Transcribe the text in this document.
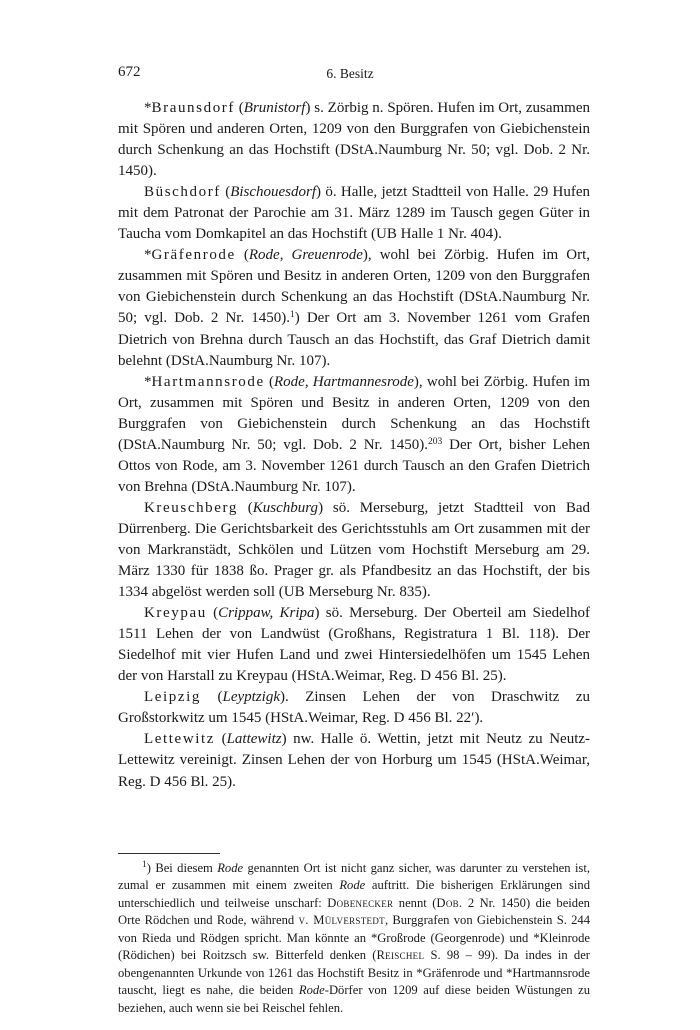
672	6. Besitz

*Braunsdorf (Brunistorf) s. Zörbig n. Spören. Hufen im Ort, zusammen mit Spören und anderen Orten, 1209 von den Burggrafen von Giebichenstein durch Schenkung an das Hochstift (DStA.Naumburg Nr. 50; vgl. Dob. 2 Nr. 1450).

Büschdorf (Bischouesdorf) ö. Halle, jetzt Stadtteil von Halle. 29 Hufen mit dem Patronat der Parochie am 31. März 1289 im Tausch gegen Güter in Taucha vom Domkapitel an das Hochstift (UB Halle 1 Nr. 404).

*Gräfenrode (Rode, Greuenrode), wohl bei Zörbig. Hufen im Ort, zusammen mit Spören und Besitz in anderen Orten, 1209 von den Burggrafen von Giebichenstein durch Schenkung an das Hochstift (DStA.Naumburg Nr. 50; vgl. Dob. 2 Nr. 1450).$^1$) Der Ort am 3. November 1261 vom Grafen Dietrich von Brehna durch Tausch an das Hochstift, das Graf Dietrich damit belehnt (DStA.Naumburg Nr. 107).

*Hartmannsrode (Rode, Hartmannesrode), wohl bei Zörbig. Hufen im Ort, zusammen mit Spören und Besitz in anderen Orten, 1209 von den Burggrafen von Giebichenstein durch Schenkung an das Hochstift (DStA.Naumburg Nr. 50; vgl. Dob. 2 Nr. 1450).$^{203}$ Der Ort, bisher Lehen Ottos von Rode, am 3. November 1261 durch Tausch an den Grafen Dietrich von Brehna (DStA.Naumburg Nr. 107).

Kreuschberg (Kuschburg) sö. Merseburg, jetzt Stadtteil von Bad Dürrenberg. Die Gerichtsbarkeit des Gerichtsstuhls am Ort zusammen mit der von Markranstädt, Schkölen und Lützen vom Hochstift Merseburg am 29. März 1330 für 1838 ßo. Prager gr. als Pfandbesitz an das Hochstift, der bis 1334 abgelöst werden soll (UB Merseburg Nr. 835).

Kreypau (Crippaw, Kripa) sö. Merseburg. Der Oberteil am Siedelhof 1511 Lehen der von Landwüst (Großhans, Registratura 1 Bl. 118). Der Siedelhof mit vier Hufen Land und zwei Hintersiedelhöfen um 1545 Lehen der von Harstall zu Kreypau (HStA.Weimar, Reg. D 456 Bl. 25).

Leipzig (Leyptzigk). Zinsen Lehen der von Draschwitz zu Großstorkwitz um 1545 (HStA.Weimar, Reg. D 456 Bl. 22′).

Lettewitz (Lattewitz) nw. Halle ö. Wettin, jetzt mit Neutz zu Neutz-Lettewitz vereinigt. Zinsen Lehen der von Horburg um 1545 (HStA.Weimar, Reg. D 456 Bl. 25).

$^1$) Bei diesem Rode genannten Ort ist nicht ganz sicher, was darunter zu verstehen ist, zumal er zusammen mit einem zweiten Rode auftritt. Die bisherigen Erklärungen sind unterschiedlich und teilweise unscharf: Dobenecker nennt (Dob. 2 Nr. 1450) die beiden Orte Rödchen und Rode, während v. Mülverstedt, Burggrafen von Giebichenstein S. 244 von Rieda und Rödgen spricht. Man könnte an *Großrode (Georgenrode) und *Kleinrode (Rödichen) bei Roitzsch sw. Bitterfeld denken (Reischel S. 98 – 99). Da indes in der obengenannten Urkunde von 1261 das Hochstift Besitz in *Gräfenrode und *Hartmannsrode tauscht, liegt es nahe, die beiden Rode-Dörfer von 1209 auf diese beiden Wüstungen zu beziehen, auch wenn sie bei Reischel fehlen.
